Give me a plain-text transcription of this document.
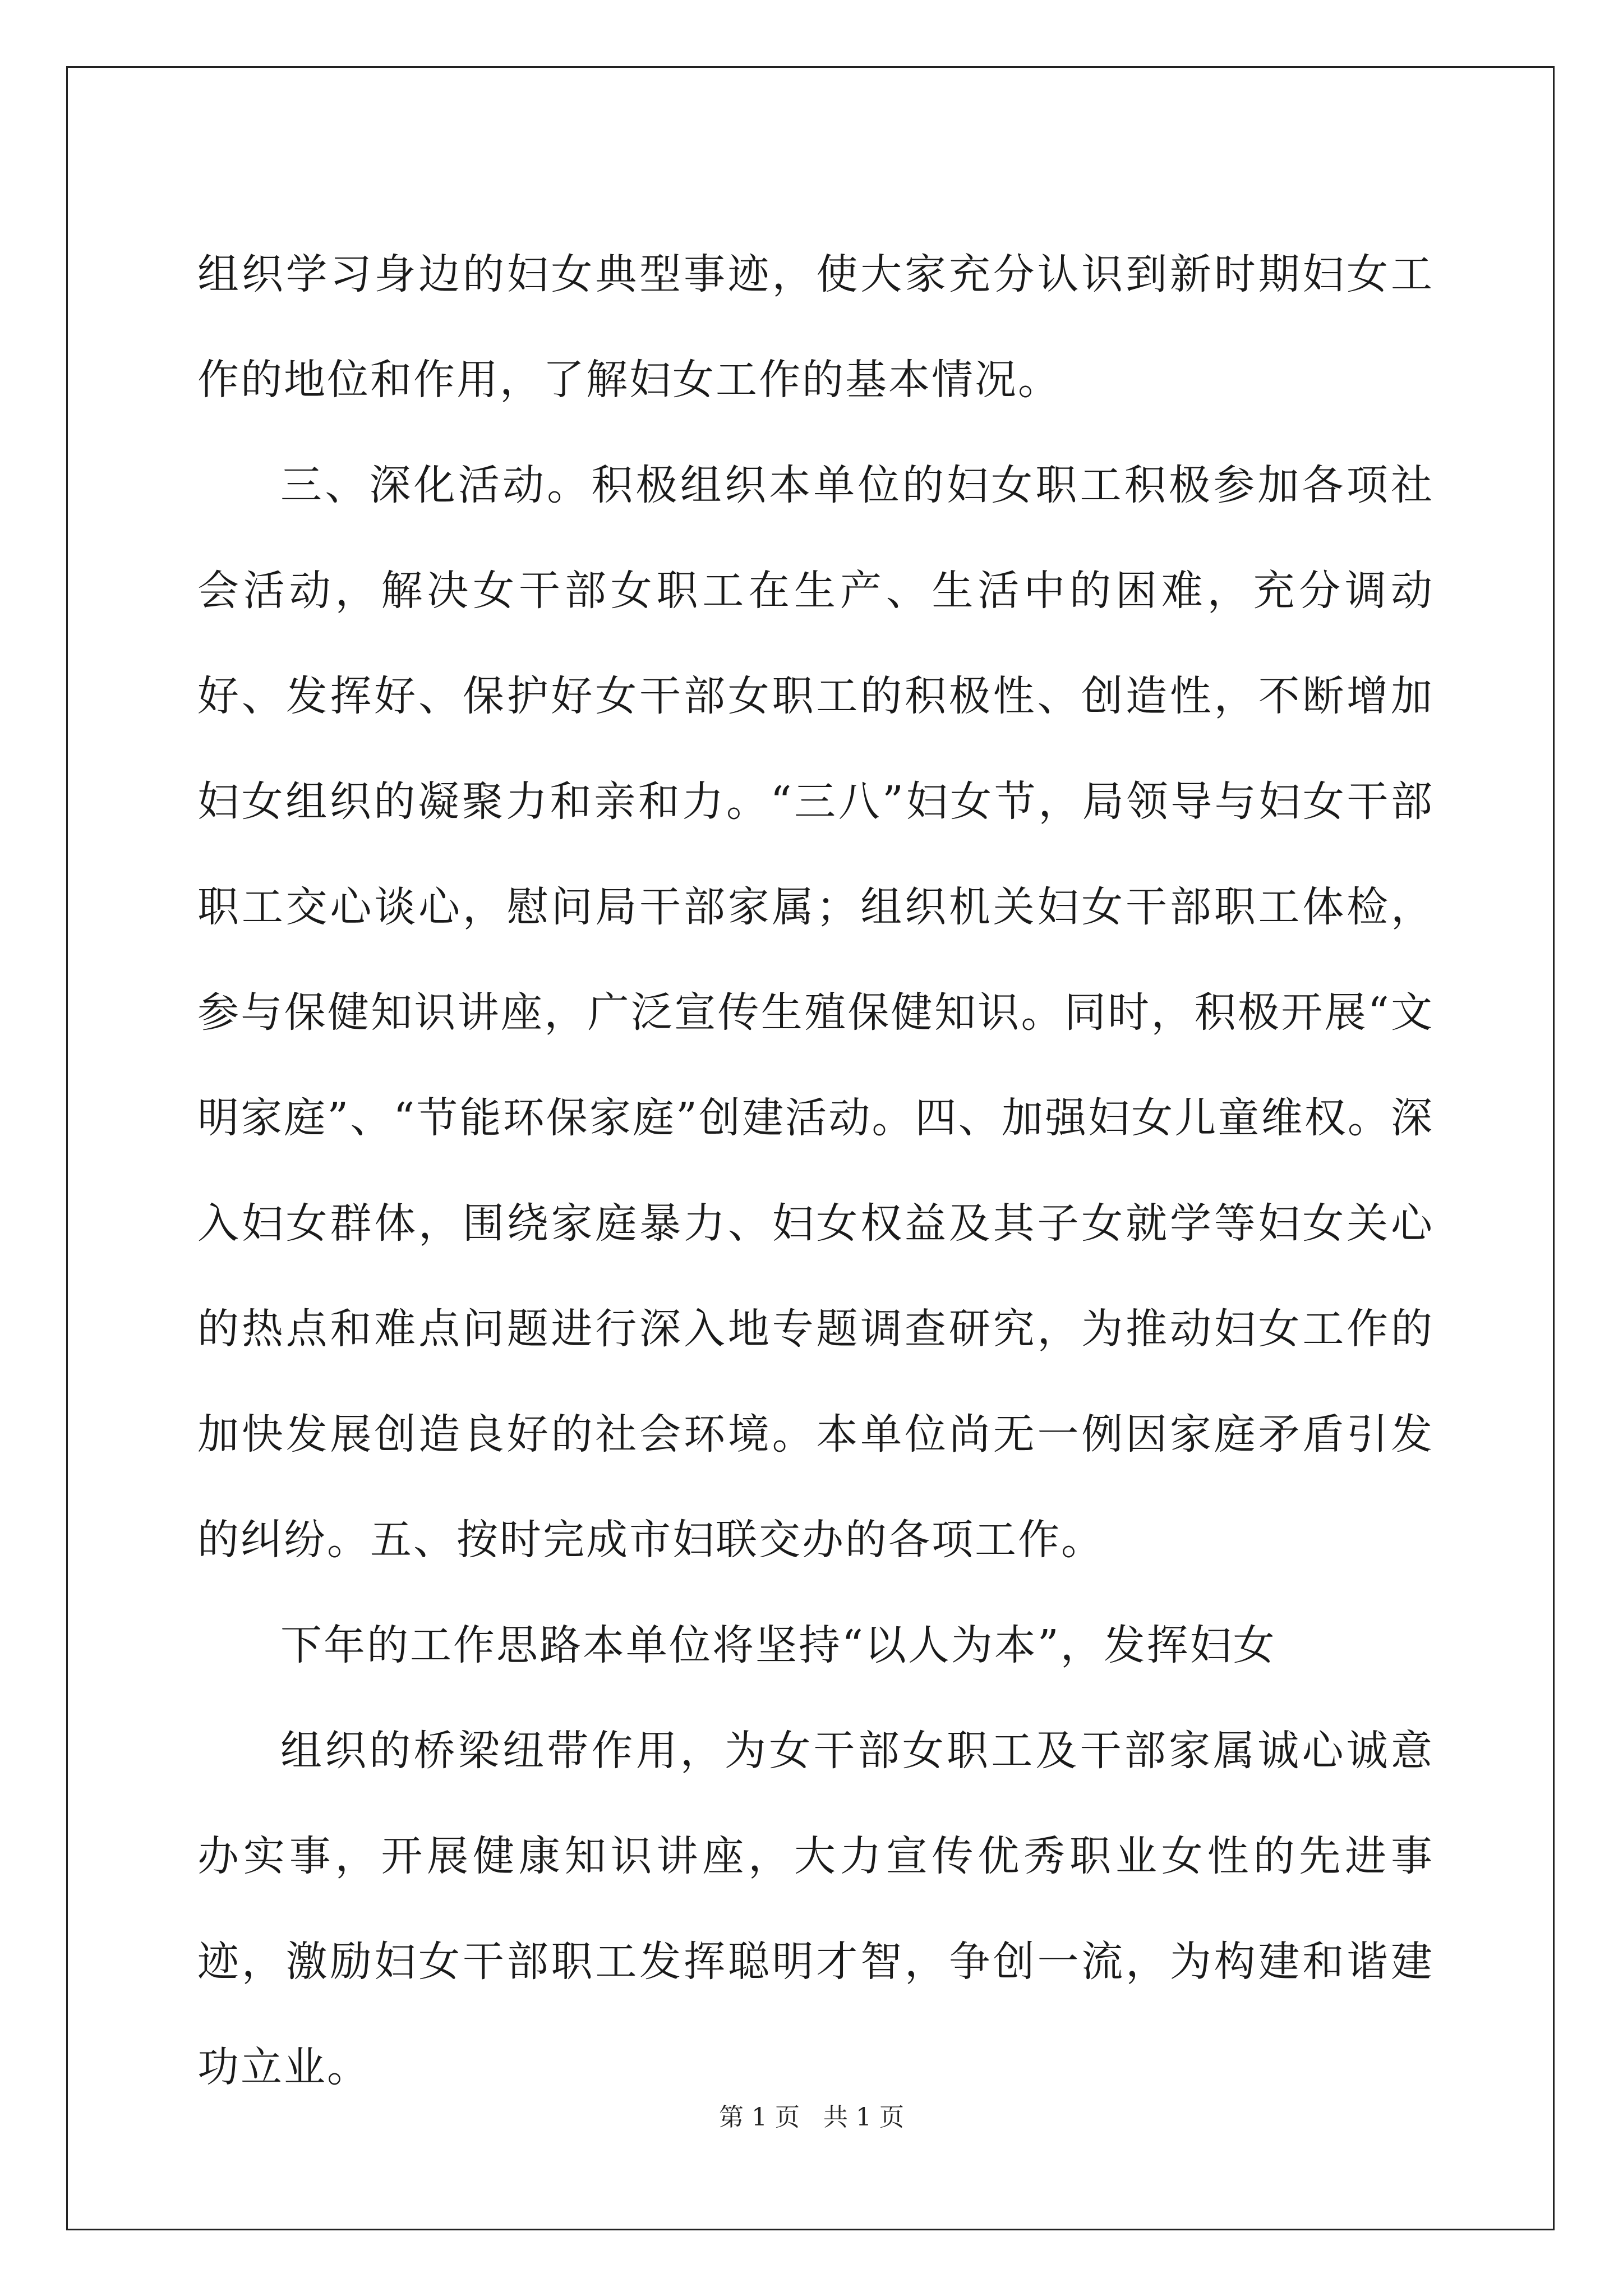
组织学习身边的妇女典型事迹，使大家充分认识到新时期妇女工作的地位和作用，了解妇女工作的基本情况。

三、深化活动。积极组织本单位的妇女职工积极参加各项社会活动，解决女干部女职工在生产、生活中的困难，充分调动好、发挥好、保护好女干部女职工的积极性、创造性，不断增加妇女组织的凝聚力和亲和力。“三八”妇女节，局领导与妇女干部职工交心谈心，慰问局干部家属；组织机关妇女干部职工体检，参与保健知识讲座，广泛宣传生殖保健知识。同时，积极开展“文明家庭”、“节能环保家庭”创建活动。四、加强妇女儿童维权。深入妇女群体，围绕家庭暴力、妇女权益及其子女就学等妇女关心的热点和难点问题进行深入地专题调查研究，为推动妇女工作的加快发展创造良好的社会环境。本单位尚无一例因家庭矛盾引发的纠纷。五、按时完成市妇联交办的各项工作。

下年的工作思路本单位将坚持“以人为本”，发挥妇女

组织的桥梁纽带作用，为女干部女职工及干部家属诚心诚意办实事，开展健康知识讲座，大力宣传优秀职业女性的先进事迹，激励妇女干部职工发挥聪明才智，争创一流，为构建和谐建功立业。

第 1 页 共 1 页
